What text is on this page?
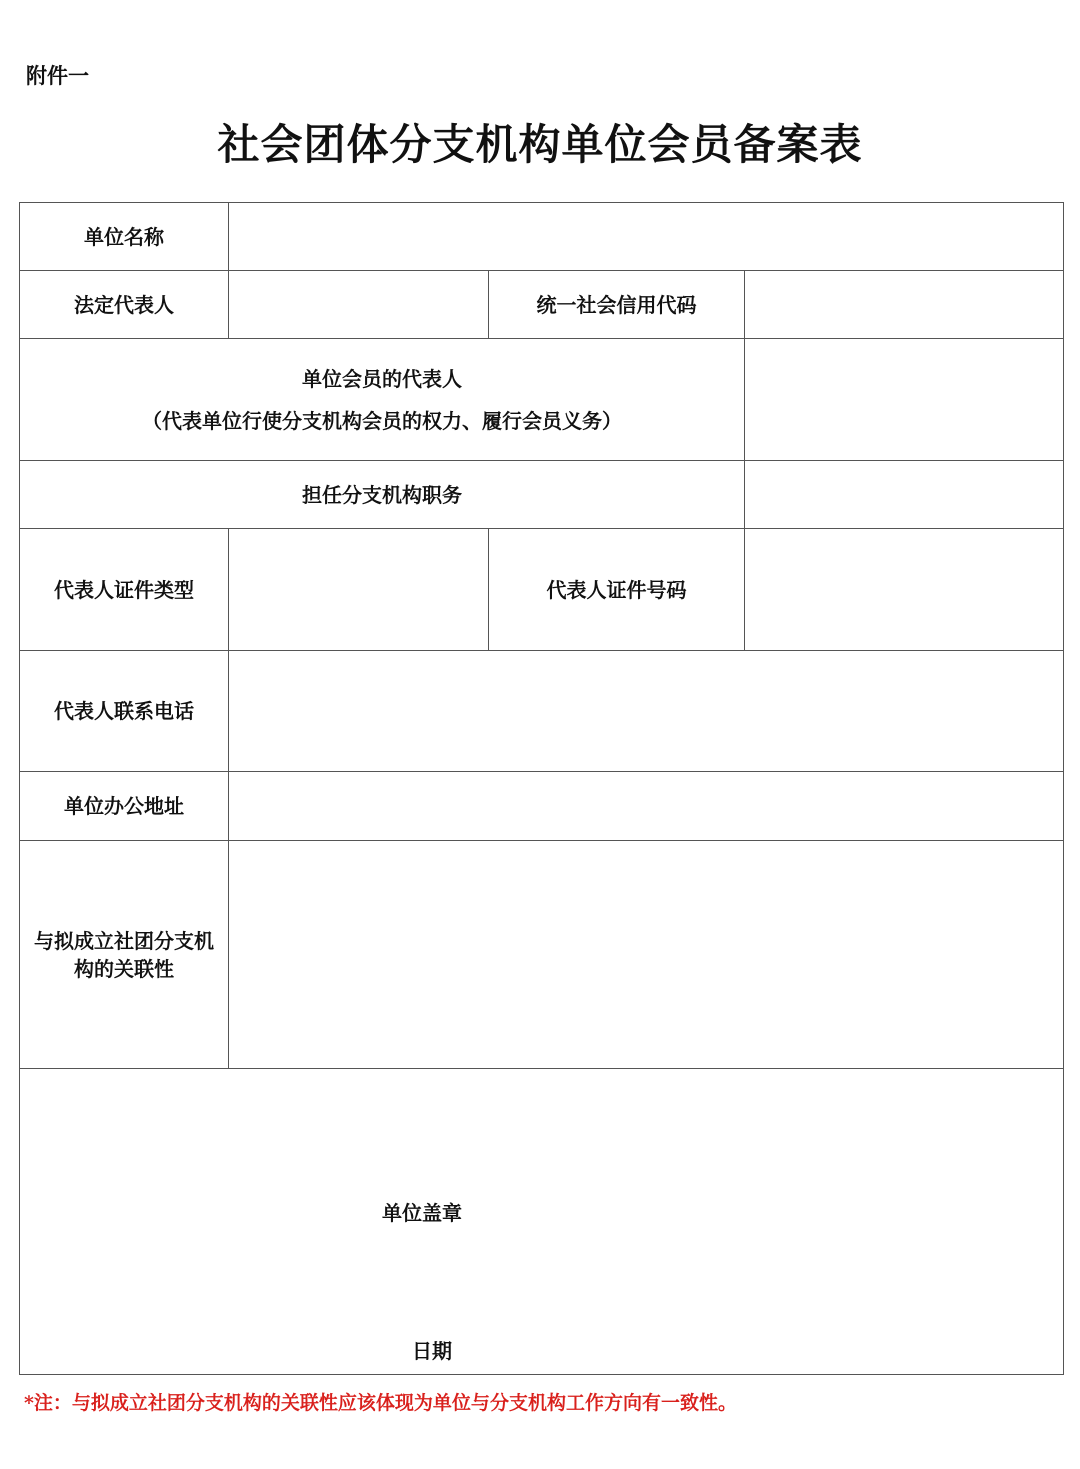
附件一
社会团体分支机构单位会员备案表
单位名称			
法定代表人		统一社会信用代码	
单位会员的代表人
（代表单位行使分支机构会员的权力、履行会员义务）			

担任分支机构职务			
代表人证件类型		代表人证件号码	
代表人联系电话			
单位办公地址			

与拟成立社团分支机
构的关联性			

单位盖章
日期			
*注：与拟成立社团分支机构的关联性应该体现为单位与分支机构工作方向有一致性。
